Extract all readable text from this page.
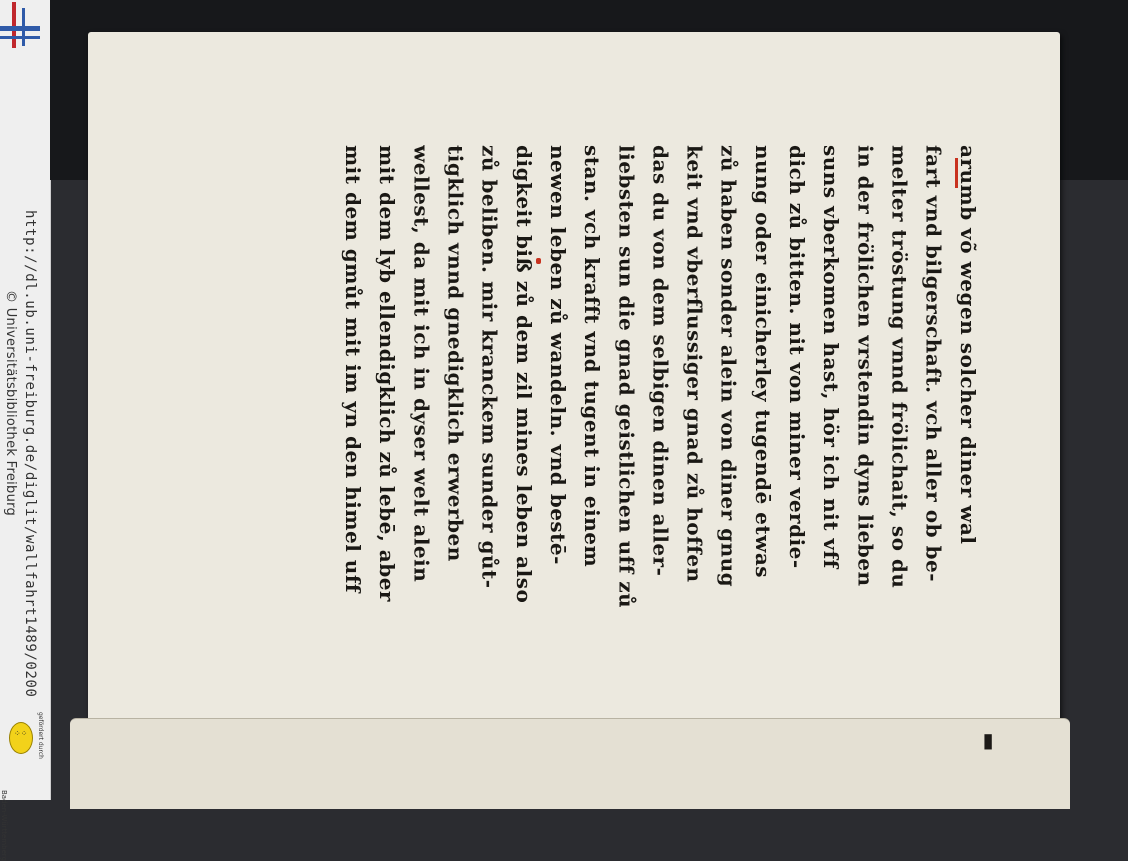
http://dl.ub.uni-freiburg.de/diglit/wallfahrt1489/0200
© Universitätsbibliothek Freiburg
gefördert durch
⁘⁘
Baden-Württemberg
▮
arumb võ wegen solcher diner wal
fart vnd bilgerschaft. vch aller ob be-
melter tröstung vnnd frölichait, so du
in der frölichen vrstendin dyns lieben
suns vberkomen hast, hör ich nit vff
dich zů bitten. nit von miner verdie-
nung oder einicherley tugendē etwas
zů haben sonder alein von diner gnug
keit vnd vberflussiger gnad zů hoffen
das du von dem selbigen dinen aller-
liebsten sun die gnad geistlichen uff zů
stan. vch krafft vnd tugent in einem
newen leben zů wandeln. vnd bestē-
digkeit biß zů dem zil mines leben also
zů beliben. mir kranckem sunder gůt-
tigklich vnnd gnedigklich erwerben
wellest, da mit ich in dyser welt alein
mit dem lyb ellendigklich zů lebē, aber
mit dem gmůt mit im yn den himel uff
